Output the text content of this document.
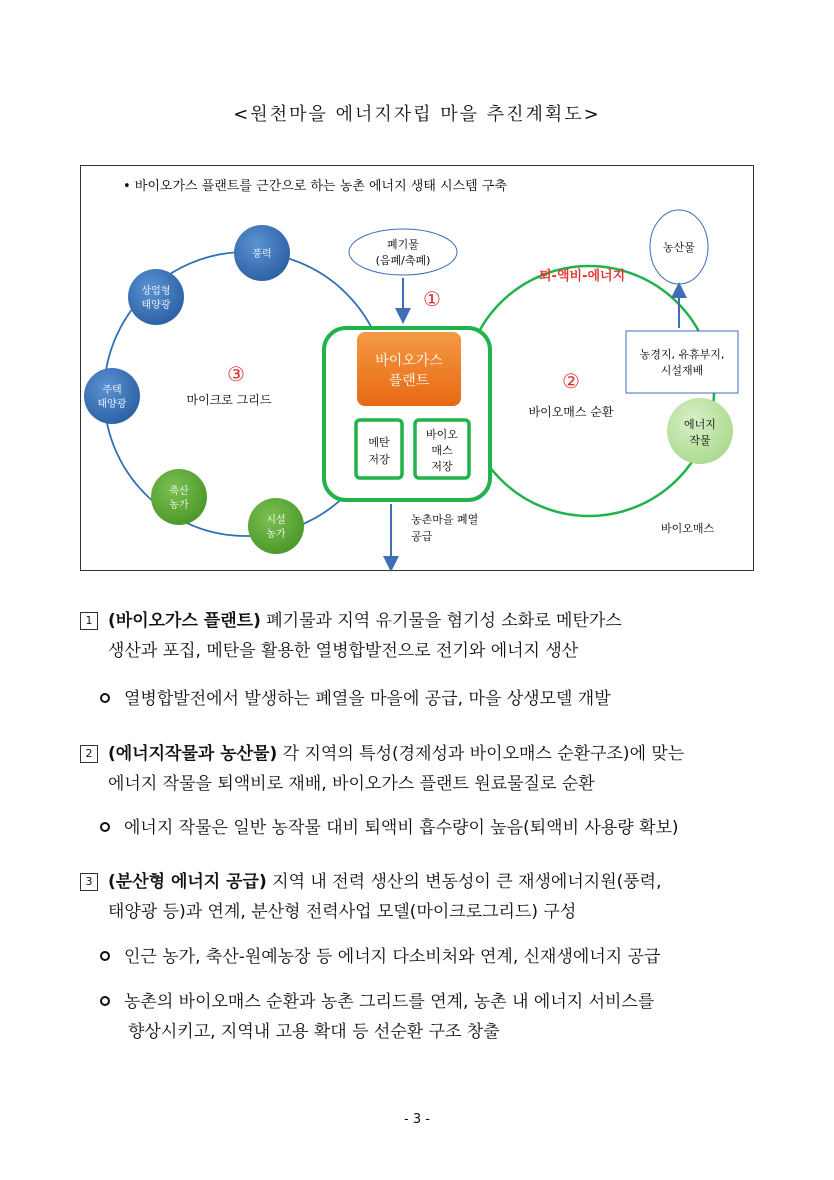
<원천마을 에너지자립 마을 추진계획도>
• 바이오가스 플랜트를 근간으로 하는 농촌 에너지 생태 시스템 구축
바이오가스
플랜트
메탄
저장
바이오
매스
저장
폐기물
(음폐/축폐)
①
농촌마을 폐열
공급
③
마이크로 그리드
풍력
상업형
태양광
주택
태양광
축산
농가
시설
농가
퇴-액비-에너지
②
바이오매스 순환
농산물
농경지, 유휴부지,
시설재배
에너지
작물
바이오매스
1 (바이오가스 플랜트) 폐기물과 지역 유기물을 혐기성 소화로 메탄가스
생산과 포집, 메탄을 활용한 열병합발전으로 전기와 에너지 생산
열병합발전에서 발생하는 폐열을 마을에 공급, 마을 상생모델 개발
2 (에너지작물과 농산물) 각 지역의 특성(경제성과 바이오매스 순환구조)에 맞는
에너지 작물을 퇴액비로 재배, 바이오가스 플랜트 원료물질로 순환
에너지 작물은 일반 농작물 대비 퇴액비 흡수량이 높음(퇴액비 사용량 확보)
3 (분산형 에너지 공급) 지역 내 전력 생산의 변동성이 큰 재생에너지원(풍력,
태양광 등)과 연계, 분산형 전력사업 모델(마이크로그리드) 구성
인근 농가, 축산-원예농장 등 에너지 다소비처와 연계, 신재생에너지 공급
농촌의 바이오매스 순환과 농촌 그리드를 연계, 농촌 내 에너지 서비스를
향상시키고, 지역내 고용 확대 등 선순환 구조 창출
- 3 -
